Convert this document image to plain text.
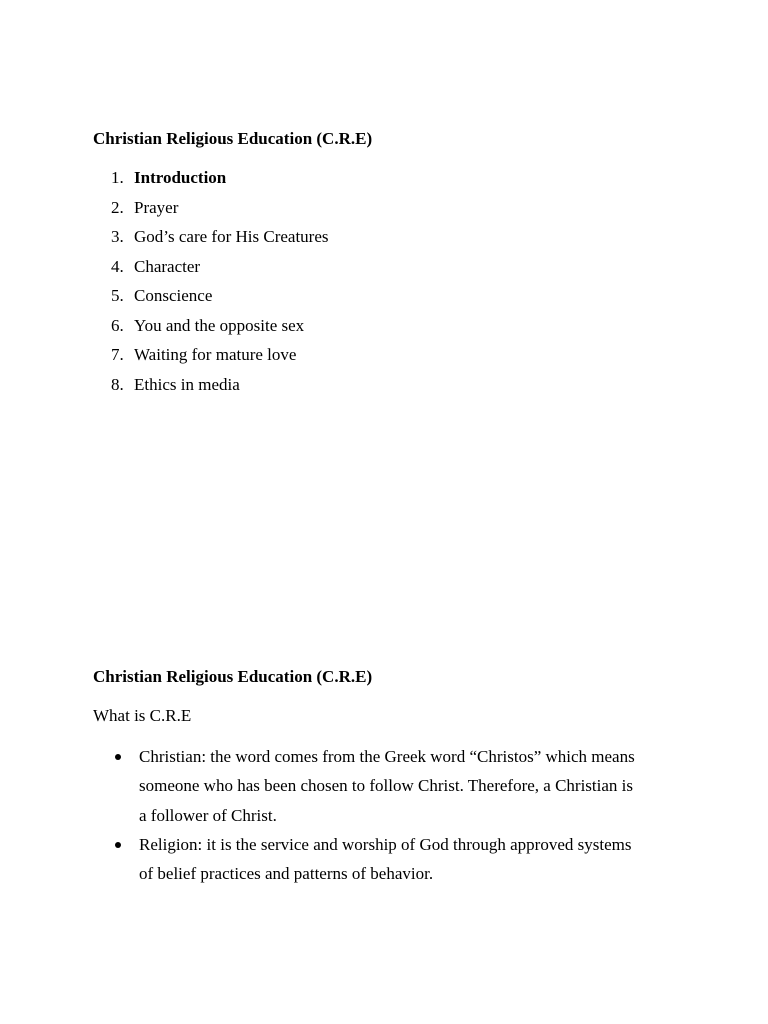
Christian Religious Education (C.R.E)

1. Introduction
2. Prayer
3. God’s care for His Creatures
4. Character
5. Conscience
6. You and the opposite sex
7. Waiting for mature love
8. Ethics in media

Christian Religious Education (C.R.E)

What is C.R.E

Christian: the word comes from the Greek word “Christos” which means
someone who has been chosen to follow Christ. Therefore, a Christian is
a follower of Christ.
Religion: it is the service and worship of God through approved systems
of belief practices and patterns of behavior.
